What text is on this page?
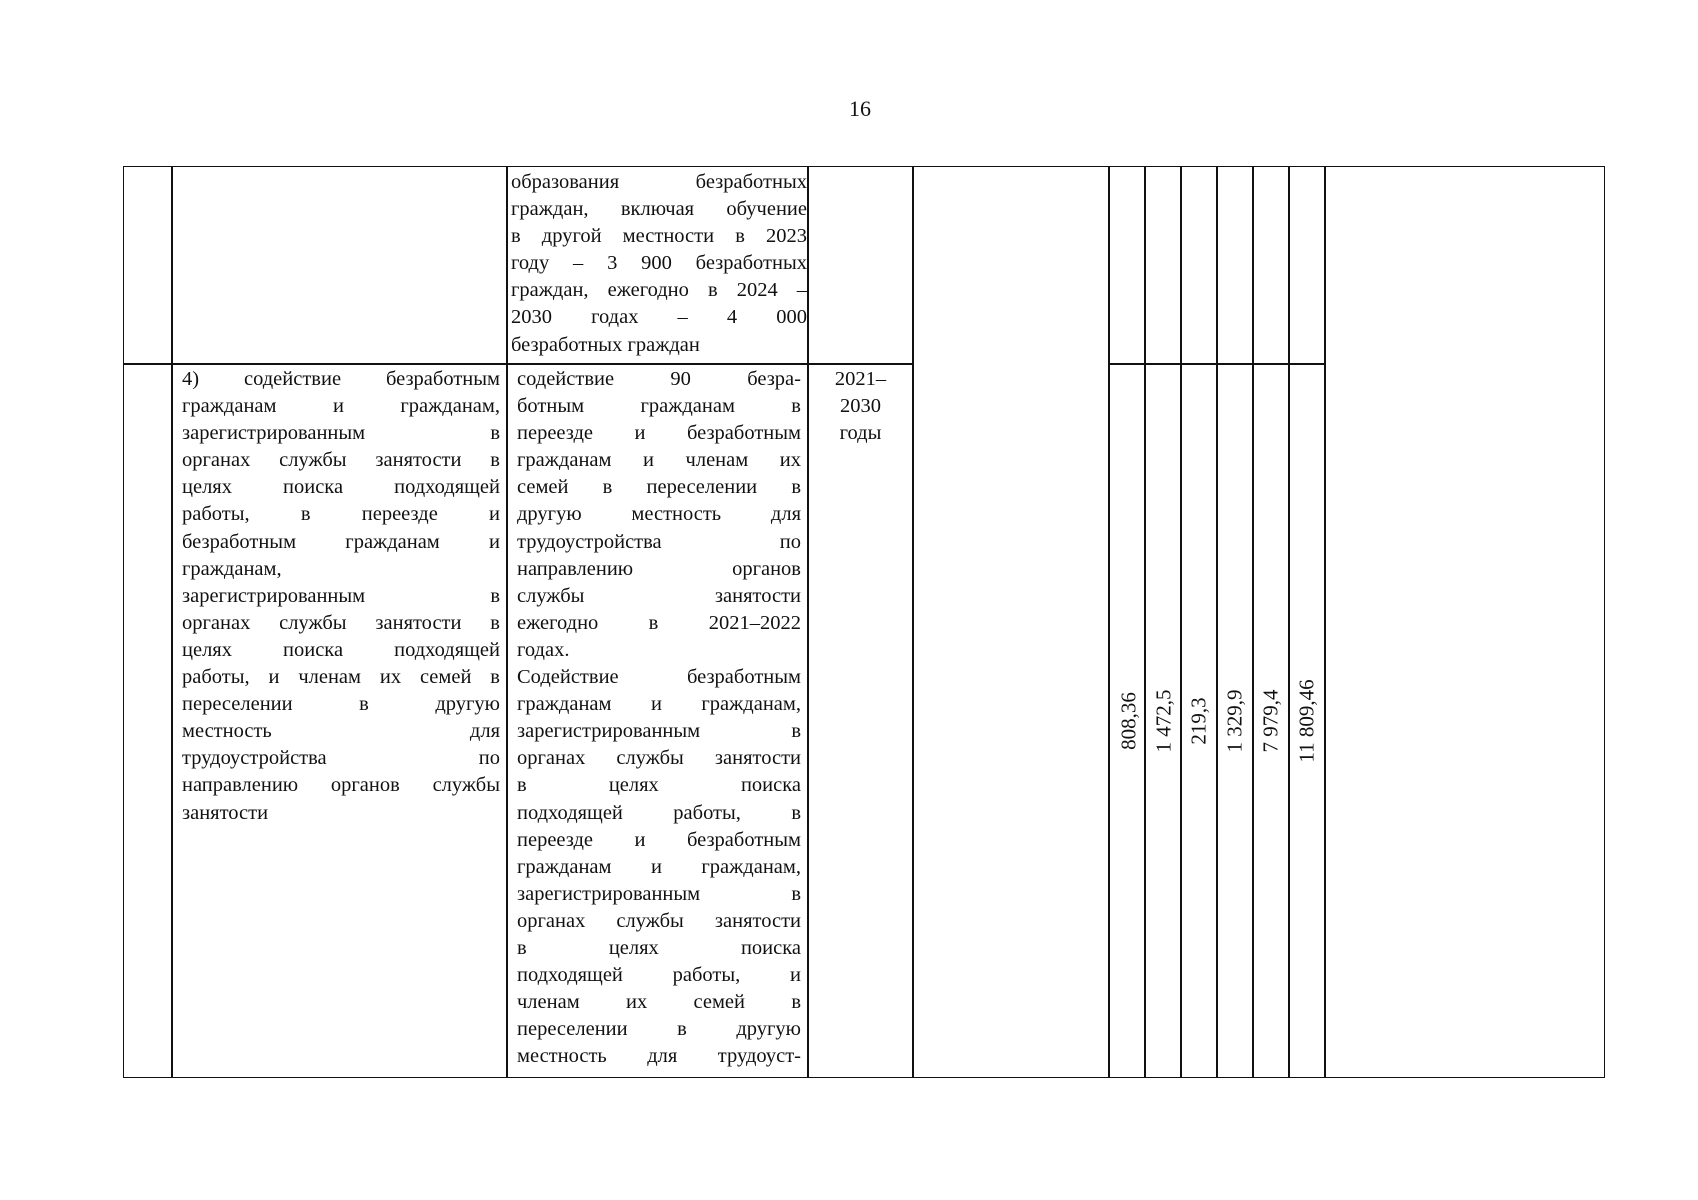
16
образования безработных
граждан, включая обучение
в другой местности в 2023
году – 3 900 безработных
граждан, ежегодно в 2024 –
2030 годах – 4 000
безработных граждан
4) содействие безработным
гражданам и гражданам,
зарегистрированным в
органах службы занятости в
целях поиска подходящей
работы, в переезде и
безработным гражданам и
гражданам,
зарегистрированным в
органах службы занятости в
целях поиска подходящей
работы, и членам их семей в
переселении в другую
местность для
трудоустройства по
направлению органов службы
занятости
содействие 90 безра-
ботным гражданам в
переезде и безработным
гражданам и членам их
семей в переселении в
другую местность для
трудоустройства по
направлению органов
службы занятости
ежегодно в 2021–2022
годах.
Содействие безработным
гражданам и гражданам,
зарегистрированным в
органах службы занятости
в целях поиска
подходящей работы, в
переезде и безработным
гражданам и гражданам,
зарегистрированным в
органах службы занятости
в целях поиска
подходящей работы, и
членам их семей в
переселении в другую
местность для трудоуст-
2021–
2030
годы
808,36 1 472,5 219,3 1 329,9 7 979,4 11 809,46
